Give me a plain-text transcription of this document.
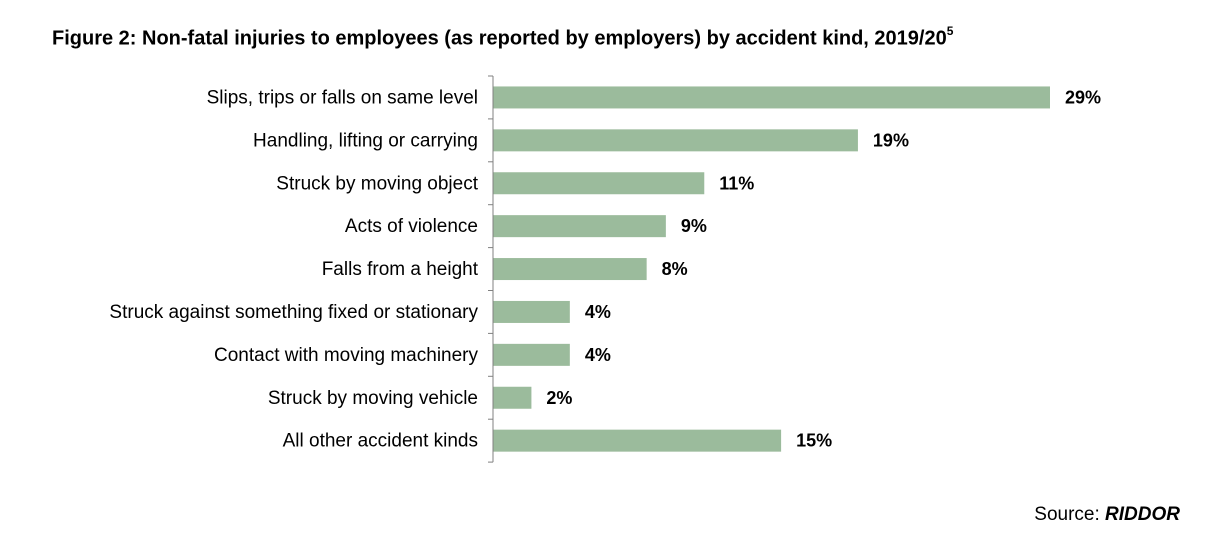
Figure 2: Non-fatal injuries to employees (as reported by employers) by accident kind, $2019/20^5$
Slips, trips or falls on same level	29%
Handling, lifting or carrying	19%
Struck by moving object	11%
Acts of violence	9%
Falls from a height	8%
Struck against something fixed or stationary	4%
Contact with moving machinery	4%
Struck by moving vehicle	2%
All other accident kinds	15%
Source: RIDDOR
